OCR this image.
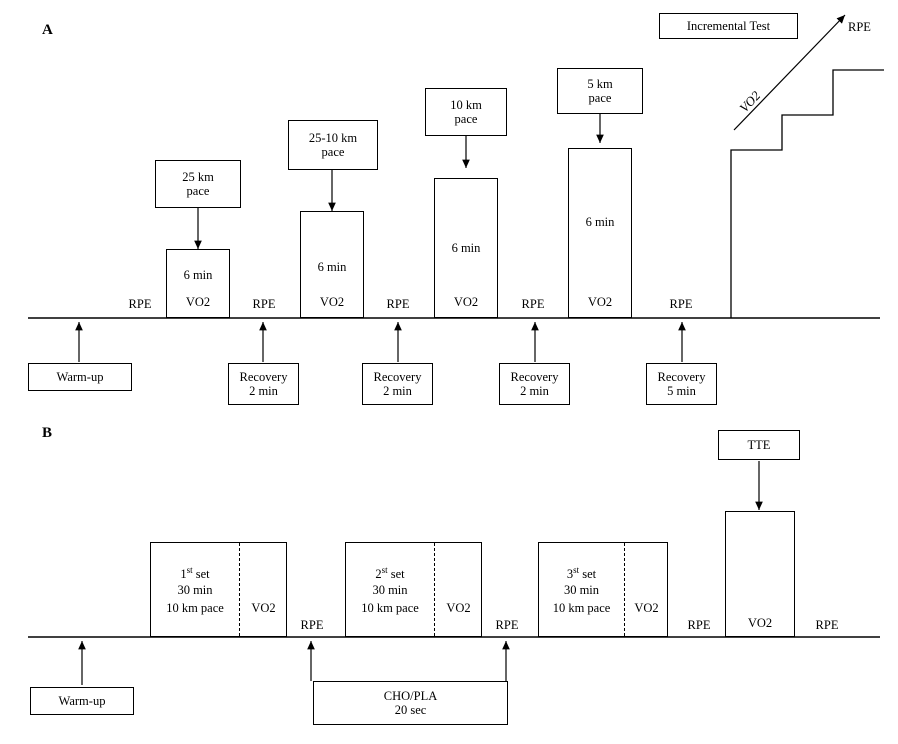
A	Incremental Test	RPE
VO2
6 min
VO2
6 min
VO2
6 min
VO2
6 min
VO2
RPE	RPE	RPE	RPE	RPE
25 km
pace
25-10 km
pace
10 km
pace
5 km
pace
Warm-up	Recovery
2 min
Recovery
2 min
Recovery
2 min
Recovery
5 min
B
TTE
1st set
30 min
10 km pace	VO2
2st set
30 min
10 km pace	VO2
3st set
30 min
10 km pace	VO2
VO2
RPE	RPE	RPE	RPE
Warm-up	CHO/PLA
20 sec
